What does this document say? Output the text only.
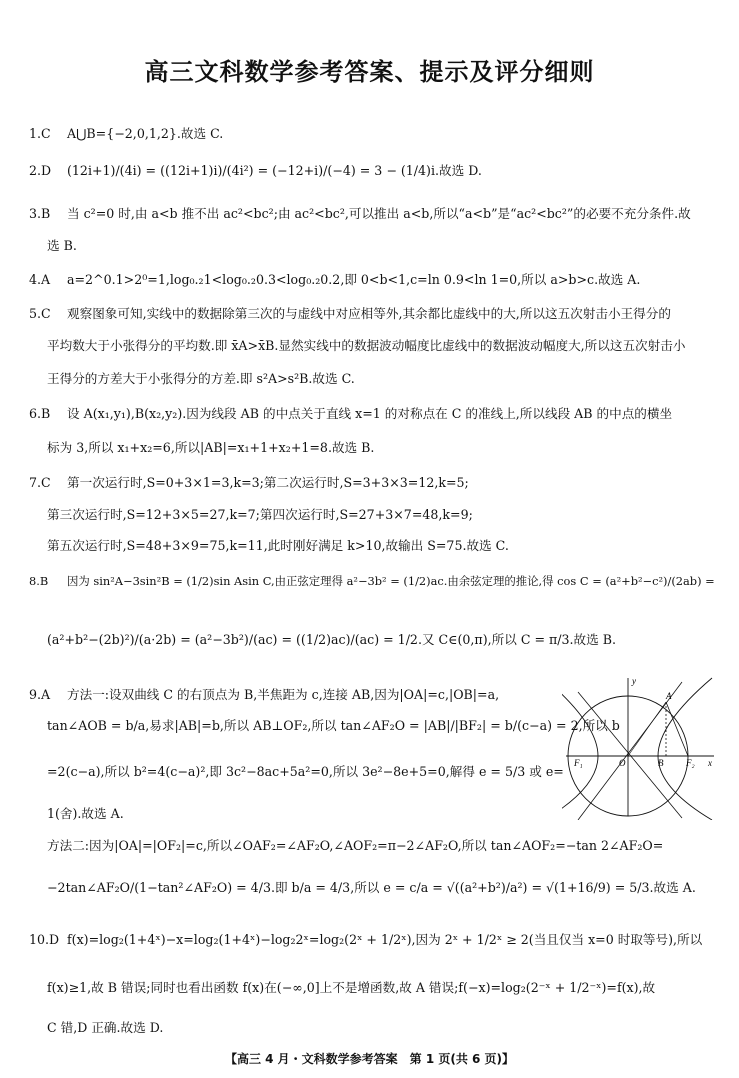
高三文科数学参考答案、提示及评分细则
1.C A⋃B={−2,0,1,2}.故选 C.
2.D (12i+1)/(4i) = ((12i+1)i)/(4i²) = (−12+i)/(−4) = 3 − (1/4)i.故选 D.
3.B 当 c²=0 时,由 a<b 推不出 ac²<bc²;由 ac²<bc²,可以推出 a<b,所以“a<b”是“ac²<bc²”的必要不充分条件.故
选 B.
4.A a=2^0.1>2⁰=1,log₀.₂1<log₀.₂0.3<log₀.₂0.2,即 0<b<1,c=ln 0.9<ln 1=0,所以 a>b>c.故选 A.
5.C 观察图象可知,实线中的数据除第三次的与虚线中对应相等外,其余都比虚线中的大,所以这五次射击小王得分的
平均数大于小张得分的平均数.即 x̄A>x̄B.显然实线中的数据波动幅度比虚线中的数据波动幅度大,所以这五次射击小
王得分的方差大于小张得分的方差.即 s²A>s²B.故选 C.
6.B 设 A(x₁,y₁),B(x₂,y₂).因为线段 AB 的中点关于直线 x=1 的对称点在 C 的准线上,所以线段 AB 的中点的横坐
标为 3,所以 x₁+x₂=6,所以|AB|=x₁+1+x₂+1=8.故选 B.
7.C 第一次运行时,S=0+3×1=3,k=3;第二次运行时,S=3+3×3=12,k=5;
第三次运行时,S=12+3×5=27,k=7;第四次运行时,S=27+3×7=48,k=9;
第五次运行时,S=48+3×9=75,k=11,此时刚好满足 k>10,故输出 S=75.故选 C.
8.B 因为 sin²A−3sin²B = (1/2)sin Asin C,由正弦定理得 a²−3b² = (1/2)ac.由余弦定理的推论,得 cos C = (a²+b²−c²)/(2ab) =
(a²+b²−(2b)²)/(a·2b) = (a²−3b²)/(ac) = ((1/2)ac)/(ac) = 1/2.又 C∈(0,π),所以 C = π/3.故选 B.
9.A 方法一:设双曲线 C 的右顶点为 B,半焦距为 c,连接 AB,因为|OA|=c,|OB|=a,
tan∠AOB = b/a,易求|AB|=b,所以 AB⊥OF₂,所以 tan∠AF₂O = |AB|/|BF₂| = b/(c−a) = 2,所以 b
=2(c−a),所以 b²=4(c−a)²,即 3c²−8ac+5a²=0,所以 3e²−8e+5=0,解得 e = 5/3 或 e=
1(舍).故选 A.
方法二:因为|OA|=|OF₂|=c,所以∠OAF₂=∠AF₂O,∠AOF₂=π−2∠AF₂O,所以 tan∠AOF₂=−tan 2∠AF₂O=
−2tan∠AF₂O/(1−tan²∠AF₂O) = 4/3.即 b/a = 4/3,所以 e = c/a = √((a²+b²)/a²) = √(1+16/9) = 5/3.故选 A.
10.D f(x)=log₂(1+4ˣ)−x=log₂(1+4ˣ)−log₂2ˣ=log₂(2ˣ + 1/2ˣ),因为 2ˣ + 1/2ˣ ≥ 2(当且仅当 x=0 时取等号),所以
f(x)≥1,故 B 错误;同时也看出函数 f(x)在(−∞,0]上不是增函数,故 A 错误;f(−x)=log₂(2⁻ˣ + 1/2⁻ˣ)=f(x),故
C 错,D 正确.故选 D.
y
x
A
O	B
F₁	F₂
【高三 4 月・文科数学参考答案　第 1 页(共 6 页)】
